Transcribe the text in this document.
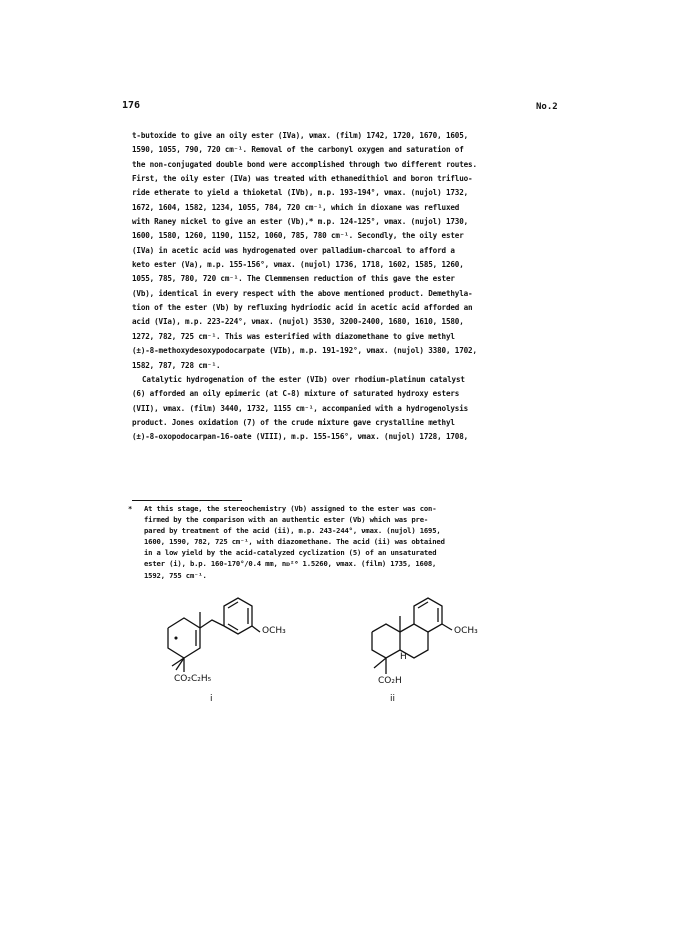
176	No.2
t-butoxide to give an oily ester (IVa), νmax. (film) 1742, 1720, 1670, 1605,
1590, 1055, 790, 720 cm⁻¹. Removal of the carbonyl oxygen and saturation of
the non-conjugated double bond were accomplished through two different routes.
First, the oily ester (IVa) was treated with ethanedithiol and boron trifluo-
ride etherate to yield a thioketal (IVb), m.p. 193-194°, νmax. (nujol) 1732,
1672, 1604, 1582, 1234, 1055, 784, 720 cm⁻¹, which in dioxane was refluxed
with Raney nickel to give an ester (Vb),* m.p. 124-125°, νmax. (nujol) 1730,
1600, 1580, 1260, 1190, 1152, 1060, 785, 780 cm⁻¹. Secondly, the oily ester
(IVa) in acetic acid was hydrogenated over palladium-charcoal to afford a
keto ester (Va), m.p. 155-156°, νmax. (nujol) 1736, 1718, 1602, 1585, 1260,
1055, 785, 780, 720 cm⁻¹. The Clemmensen reduction of this gave the ester
(Vb), identical in every respect with the above mentioned product. Demethyla-
tion of the ester (Vb) by refluxing hydriodic acid in acetic acid afforded an
acid (VIa), m.p. 223-224°, νmax. (nujol) 3530, 3200-2400, 1680, 1610, 1580,
1272, 782, 725 cm⁻¹. This was esterified with diazomethane to give methyl
(±)-8-methoxydesoxypodocarpate (VIb), m.p. 191-192°, νmax. (nujol) 3380, 1702,
1582, 787, 728 cm⁻¹.
Catalytic hydrogenation of the ester (VIb) over rhodium-platinum catalyst
(6) afforded an oily epimeric (at C-8) mixture of saturated hydroxy esters
(VII), νmax. (film) 3440, 1732, 1155 cm⁻¹, accompanied with a hydrogenolysis
product. Jones oxidation (7) of the crude mixture gave crystalline methyl
(±)-8-oxopodocarpan-16-oate (VIII), m.p. 155-156°, νmax. (nujol) 1728, 1708,
* At this stage, the stereochemistry (Vb) assigned to the ester was con-
firmed by the comparison with an authentic ester (Vb) which was pre-
pared by treatment of the acid (ii), m.p. 243-244°, νmax. (nujol) 1695,
1600, 1590, 782, 725 cm⁻¹, with diazomethane. The acid (ii) was obtained
in a low yield by the acid-catalyzed cyclization (5) of an unsaturated
ester (i), b.p. 160-170°/0.4 mm, nᴅ²⁶ 1.5260, νmax. (film) 1735, 1608,
1592, 755 cm⁻¹.
OCH₃
CO₂C₂H₅
i
OCH₃
H
CO₂H
ii
